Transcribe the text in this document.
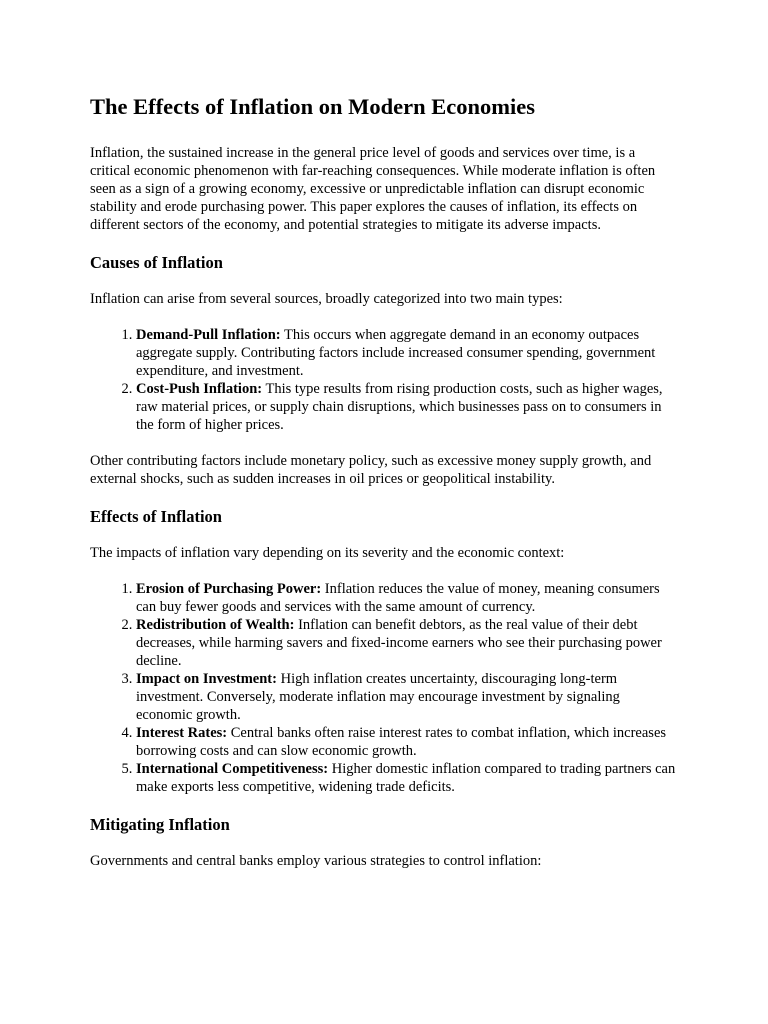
The Effects of Inflation on Modern Economies

Inflation, the sustained increase in the general price level of goods and services over time, is a critical economic phenomenon with far-reaching consequences. While moderate inflation is often seen as a sign of a growing economy, excessive or unpredictable inflation can disrupt economic stability and erode purchasing power. This paper explores the causes of inflation, its effects on different sectors of the economy, and potential strategies to mitigate its adverse impacts.

Causes of Inflation

Inflation can arise from several sources, broadly categorized into two main types:

1. Demand-Pull Inflation: This occurs when aggregate demand in an economy outpaces aggregate supply. Contributing factors include increased consumer spending, government expenditure, and investment.
2. Cost-Push Inflation: This type results from rising production costs, such as higher wages, raw material prices, or supply chain disruptions, which businesses pass on to consumers in the form of higher prices.

Other contributing factors include monetary policy, such as excessive money supply growth, and external shocks, such as sudden increases in oil prices or geopolitical instability.

Effects of Inflation

The impacts of inflation vary depending on its severity and the economic context:

1. Erosion of Purchasing Power: Inflation reduces the value of money, meaning consumers can buy fewer goods and services with the same amount of currency.
2. Redistribution of Wealth: Inflation can benefit debtors, as the real value of their debt decreases, while harming savers and fixed-income earners who see their purchasing power decline.
3. Impact on Investment: High inflation creates uncertainty, discouraging long-term investment. Conversely, moderate inflation may encourage investment by signaling economic growth.
4. Interest Rates: Central banks often raise interest rates to combat inflation, which increases borrowing costs and can slow economic growth.
5. International Competitiveness: Higher domestic inflation compared to trading partners can make exports less competitive, widening trade deficits.
Mitigating Inflation

Governments and central banks employ various strategies to control inflation:
